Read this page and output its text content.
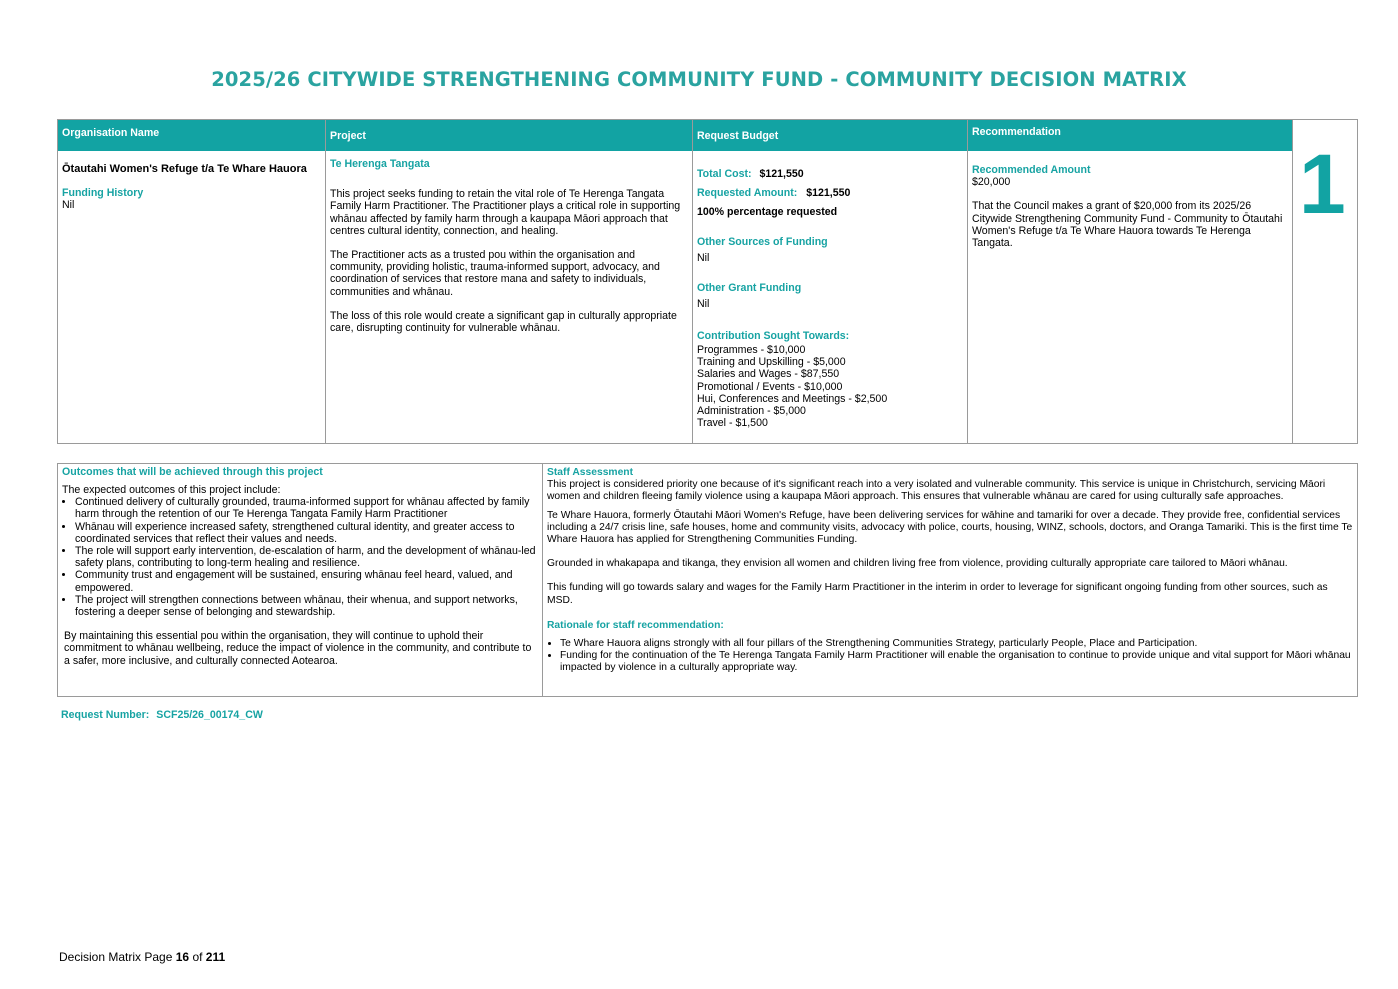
2025/26 CITYWIDE STRENGTHENING COMMUNITY FUND - COMMUNITY DECISION MATRIX
Organisation Name
Ōtautahi Women's Refuge t/a Te Whare Hauora
Funding History
Nil
Project
Te Herenga Tangata

This project seeks funding to retain the vital role of Te Herenga Tangata Family Harm Practitioner. The Practitioner plays a critical role in supporting whānau affected by family harm through a kaupapa Māori approach that centres cultural identity, connection, and healing.

The Practitioner acts as a trusted pou within the organisation and community, providing holistic, trauma-informed support, advocacy, and coordination of services that restore mana and safety to individuals, communities and whānau.

The loss of this role would create a significant gap in culturally appropriate care, disrupting continuity for vulnerable whānau.

Request Budget
Total Cost: $121,550
Requested Amount: $121,550
100% percentage requested
Other Sources of Funding
Nil
Other Grant Funding
Nil
Contribution Sought Towards:
Programmes - $10,000
Training and Upskilling - $5,000
Salaries and Wages - $87,550
Promotional / Events - $10,000
Hui, Conferences and Meetings - $2,500
Administration - $5,000
Travel - $1,500
Recommendation
Recommended Amount
$20,000

That the Council makes a grant of $20,000 from its 2025/26 Citywide Strengthening Community Fund - Community to Ōtautahi Women's Refuge t/a Te Whare Hauora towards Te Herenga Tangata.

1
Outcomes that will be achieved through this project
The expected outcomes of this project include:
• Continued delivery of culturally grounded, trauma-informed support for whānau affected by family harm through the retention of our Te Herenga Tangata Family Harm Practitioner
• Whānau will experience increased safety, strengthened cultural identity, and greater access to coordinated services that reflect their values and needs.
• The role will support early intervention, de-escalation of harm, and the development of whānau-led safety plans, contributing to long-term healing and resilience.
• Community trust and engagement will be sustained, ensuring whānau feel heard, valued, and empowered.
• The project will strengthen connections between whānau, their whenua, and support networks, fostering a deeper sense of belonging and stewardship.

By maintaining this essential pou within the organisation, they will continue to uphold their commitment to whānau wellbeing, reduce the impact of violence in the community, and contribute to a safer, more inclusive, and culturally connected Aotearoa.

Staff Assessment

This project is considered priority one because of it's significant reach into a very isolated and vulnerable community. This service is unique in Christchurch, servicing Māori women and children fleeing family violence using a kaupapa Māori approach. This ensures that vulnerable whānau are cared for using culturally safe approaches.

Te Whare Hauora, formerly Ōtautahi Māori Women's Refuge, have been delivering services for wāhine and tamariki for over a decade. They provide free, confidential services including a 24/7 crisis line, safe houses, home and community visits, advocacy with police, courts, housing, WINZ, schools, doctors, and Oranga Tamariki. This is the first time Te Whare Hauora has applied for Strengthening Communities Funding.

Grounded in whakapapa and tikanga, they envision all women and children living free from violence, providing culturally appropriate care tailored to Māori whānau.

This funding will go towards salary and wages for the Family Harm Practitioner in the interim in order to leverage for significant ongoing funding from other sources, such as MSD.

Rationale for staff recommendation:
• Te Whare Hauora aligns strongly with all four pillars of the Strengthening Communities Strategy, particularly People, Place and Participation.
• Funding for the continuation of the Te Herenga Tangata Family Harm Practitioner will enable the organisation to continue to provide unique and vital support for Māori whānau impacted by violence in a culturally appropriate way.
Request Number: SCF25/26_00174_CW
Decision Matrix Page 16 of 211
